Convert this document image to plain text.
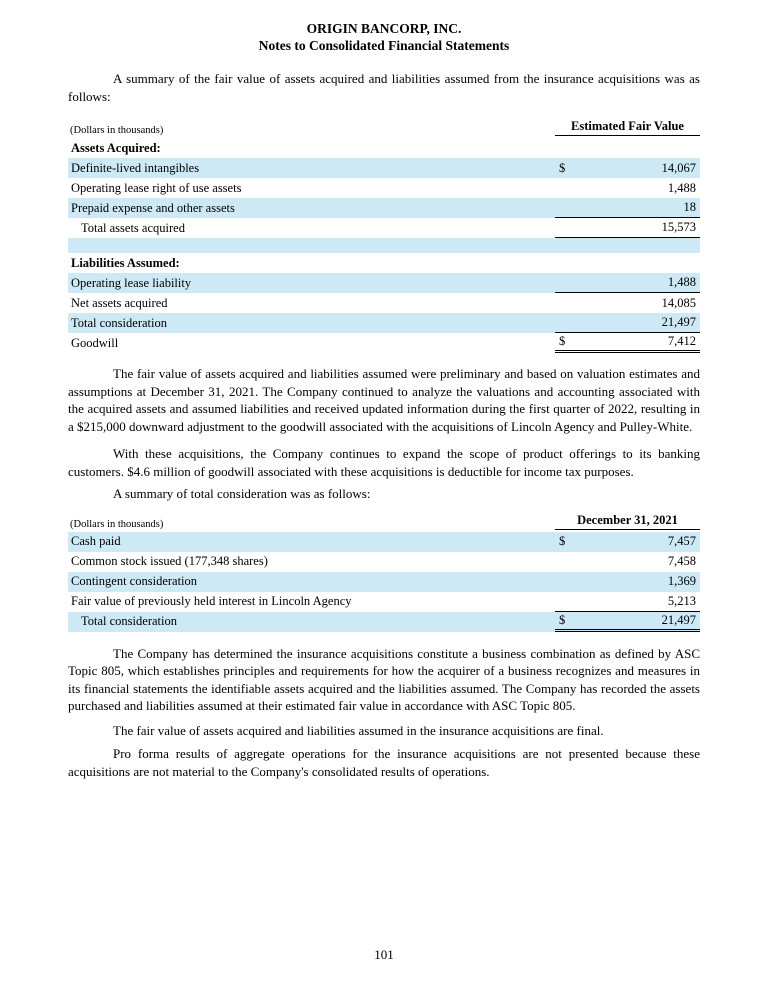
ORIGIN BANCORP, INC.
Notes to Consolidated Financial Statements

A summary of the fair value of assets acquired and liabilities assumed from the insurance acquisitions was as follows:

(Dollars in thousands)	Estimated Fair Value
Assets Acquired:
Definite-lived intangibles	$	14,067
Operating lease right of use assets	1,488
Prepaid expense and other assets	18
Total assets acquired	15,573
Liabilities Assumed:
Operating lease liability	1,488
Net assets acquired	14,085
Total consideration	21,497
Goodwill	$	7,412

The fair value of assets acquired and liabilities assumed were preliminary and based on valuation estimates and assumptions at December 31, 2021. The Company continued to analyze the valuations and accounting associated with the acquired assets and assumed liabilities and received updated information during the first quarter of 2022, resulting in a $215,000 downward adjustment to the goodwill associated with the acquisitions of Lincoln Agency and Pulley-White.

With these acquisitions, the Company continues to expand the scope of product offerings to its banking customers. $4.6 million of goodwill associated with these acquisitions is deductible for income tax purposes.

A summary of total consideration was as follows:

(Dollars in thousands)	December 31, 2021
Cash paid	$	7,457
Common stock issued (177,348 shares)	7,458
Contingent consideration	1,369
Fair value of previously held interest in Lincoln Agency	5,213
Total consideration	$	21,497

The Company has determined the insurance acquisitions constitute a business combination as defined by ASC Topic 805, which establishes principles and requirements for how the acquirer of a business recognizes and measures in its financial statements the identifiable assets acquired and the liabilities assumed. The Company has recorded the assets purchased and liabilities assumed at their estimated fair value in accordance with ASC Topic 805.

The fair value of assets acquired and liabilities assumed in the insurance acquisitions are final.

Pro forma results of aggregate operations for the insurance acquisitions are not presented because these acquisitions are not material to the Company's consolidated results of operations.

101
